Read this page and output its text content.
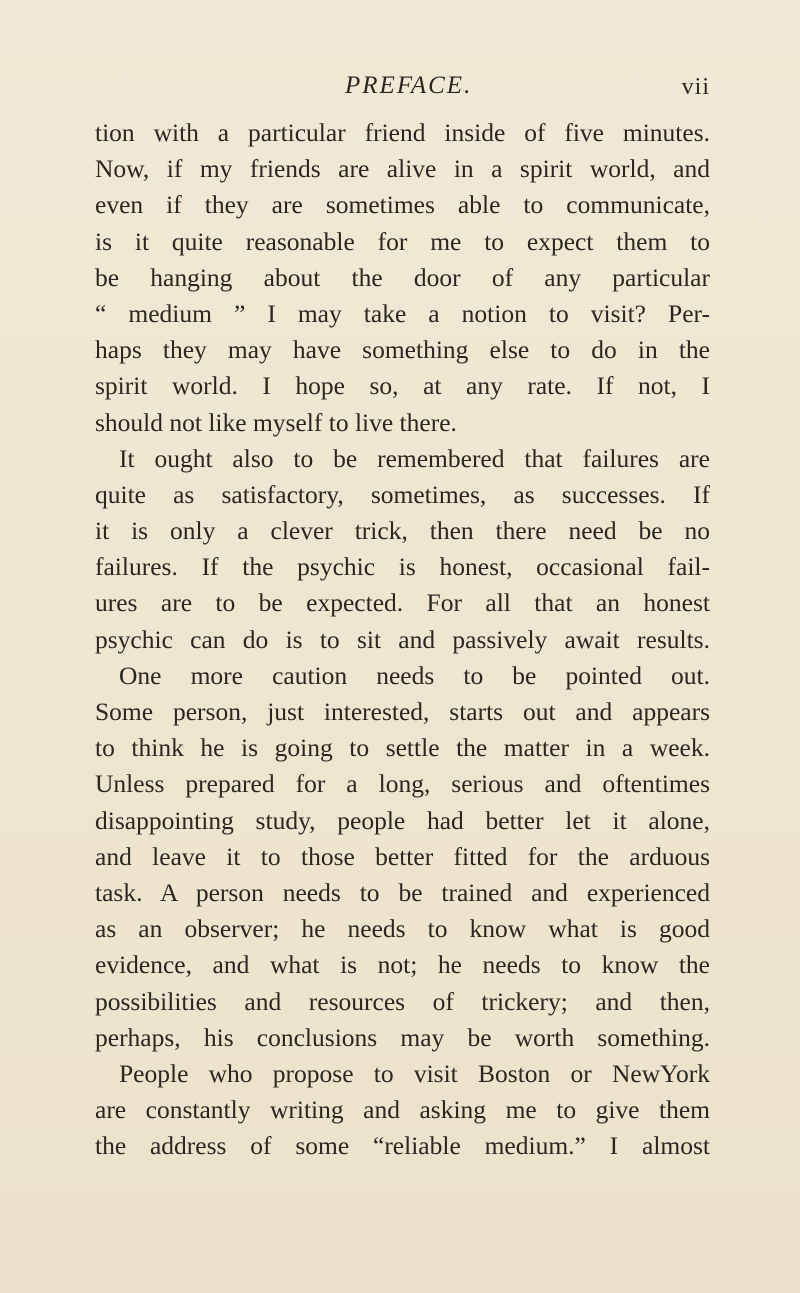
PREFACE.	vii
tion with a particular friend inside of five minutes.
Now, if my friends are alive in a spirit world, and
even if they are sometimes able to communicate,
is it quite reasonable for me to expect them to
be hanging about the door of any particular
“ medium ” I may take a notion to visit? Per-
haps they may have something else to do in the
spirit world. I hope so, at any rate. If not, I
should not like myself to live there.
It ought also to be remembered that failures are
quite as satisfactory, sometimes, as successes. If
it is only a clever trick, then there need be no
failures. If the psychic is honest, occasional fail-
ures are to be expected. For all that an honest
psychic can do is to sit and passively await results.
One more caution needs to be pointed out.
Some person, just interested, starts out and appears
to think he is going to settle the matter in a week.
Unless prepared for a long, serious and oftentimes
disappointing study, people had better let it alone,
and leave it to those better fitted for the arduous
task. A person needs to be trained and experienced
as an observer; he needs to know what is good
evidence, and what is not; he needs to know the
possibilities and resources of trickery; and then,
perhaps, his conclusions may be worth something.
People who propose to visit Boston or NewYork
are constantly writing and asking me to give them
the address of some “reliable medium.” I almost
